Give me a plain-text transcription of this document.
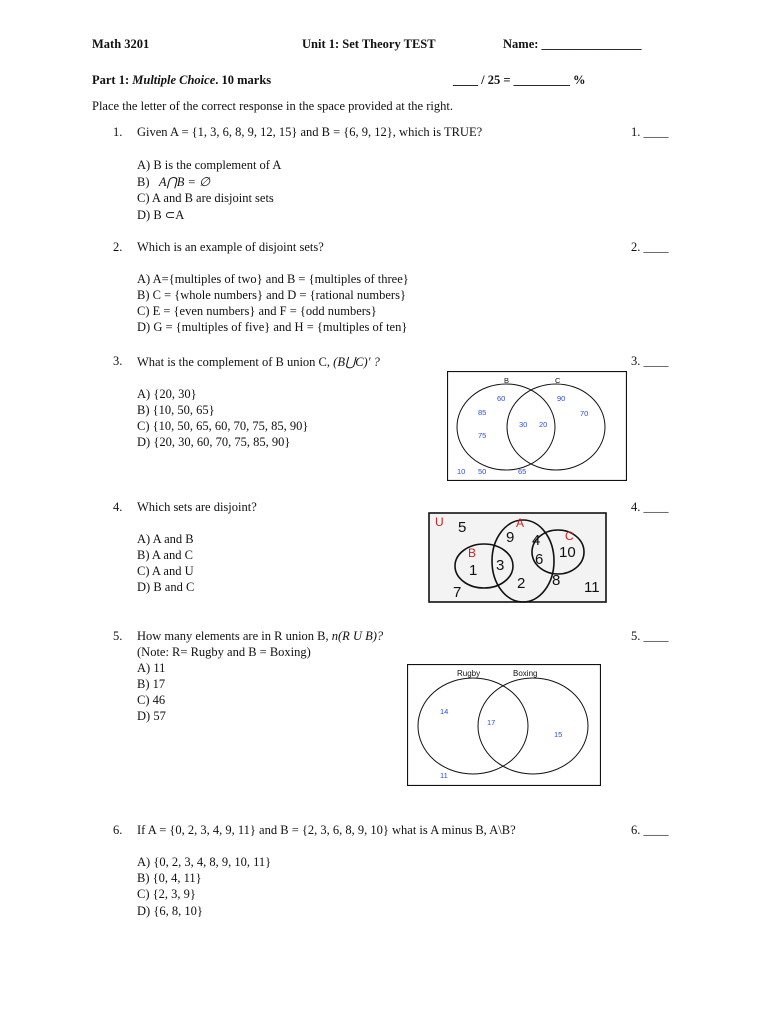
Math 3201	Unit 1: Set Theory TEST	Name: ________________
Part 1: Multiple Choice. 10 marks	____ / 25 = _________ %
Place the letter of the correct response in the space provided at the right.
1. Given A = {1, 3, 6, 8, 9, 12, 15} and B = {6, 9, 12}, which is TRUE?	1. ____
A) B is the complement of A
B) A⋂B = ∅
C) A and B are disjoint sets
D) B ⊂A
2. Which is an example of disjoint sets?	2. ____
A) A={multiples of two} and B = {multiples of three}
B) C = {whole numbers} and D = {rational numbers}
C) E = {even numbers} and F = {odd numbers}
D) G = {multiples of five} and H = {multiples of ten}
3. What is the complement of B union C, (B⋃C)′ ?	3. ____
A) {20, 30}
B) {10, 50, 65}
C) {10, 50, 65, 60, 70, 75, 85, 90}
D) {20, 30, 60, 70, 75, 85, 90}
B	C
60	90
85	70
30 20
75
10 50	65
4. Which sets are disjoint?	4. ____
A) A and B
B) A and C
C) A and U
D) B and C
U	A
B
C
5
9 4
6 10
1 3
2 8
7	11
5. How many elements are in R union B, n(R U B)?	5. ____
(Note: R= Rugby and B = Boxing)
A) 11
B) 17
C) 46
D) 57
Rugby	Boxing
14
17
15
11
6. If A = {0, 2, 3, 4, 9, 11} and B = {2, 3, 6, 8, 9, 10} what is A minus B, A\B?	6. ____
A) {0, 2, 3, 4, 8, 9, 10, 11}
B) {0, 4, 11}
C) {2, 3, 9}
D) {6, 8, 10}
